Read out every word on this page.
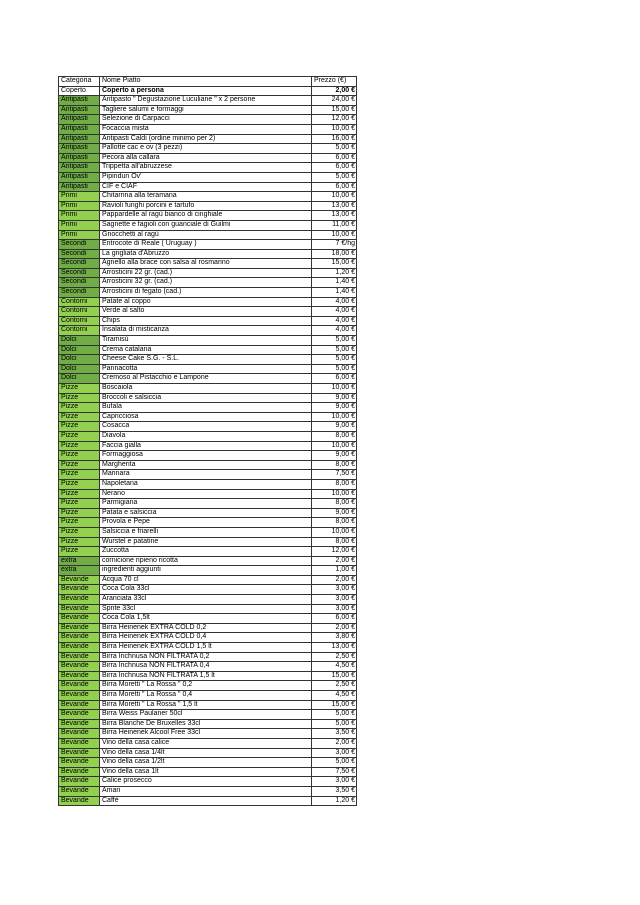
Categoria	Nome Piatto	Prezzo (€)
Coperto	Coperto a persona	2,00 €
Antipasti	Antipasto " Degustazione Luculiane " x 2 persone	24,00 €
Antipasti	Tagliere salumi e formaggi	15,00 €
Antipasti	Selezione di Carpacci	12,00 €
Antipasti	Focaccia mista	10,00 €
Antipasti	Antipasti Caldi (ordine minimo per 2)	16,00 €
Antipasti	Pallotte cac e ov (3 pezzi)	5,00 €
Antipasti	Pecora alla callara	6,00 €
Antipasti	Trippetta all'abruzzese	6,00 €
Antipasti	Pipindun Ov'	5,00 €
Antipasti	CIF e CIAF	6,00 €
Primi	Chitarrina alla teramana	10,00 €
Primi	Ravioli funghi porcini e tartufo	13,00 €
Primi	Pappardelle al ragù bianco di cinghiale	13,00 €
Primi	Sagnette e fagioli con guanciale di Guilmi	11,00 €
Primi	Gnocchetti al ragù	10,00 €
Secondi	Entrocote di Reale ( Uruguay )	7 €/hg
Secondi	La grigliata d'Abruzzo	18,00 €
Secondi	Agnello alla brace con salsa al rosmarino	15,00 €
Secondi	Arrosticini 22 gr. (cad.)	1,20 €
Secondi	Arrosticini 32 gr. (cad.)	1,40 €
Secondi	Arrosticini di fegato (cad.)	1,40 €
Contorni	Patate al coppo	4,00 €
Contorni	Verde al salto	4,00 €
Contorni	Chips	4,00 €
Contorni	Insalata di misticanza	4,00 €
Dolci	Tiramisù	5,00 €
Dolci	Crema catalana	5,00 €
Dolci	Cheese Cake S.G. - S.L.	5,00 €
Dolci	Pannacotta	5,00 €
Dolci	Cremoso al Pistacchio e Lampone	6,00 €
Pizze	Boscaiola	10,00 €
Pizze	Broccoli e salsiccia	9,00 €
Pizze	Bufala	9,00 €
Pizze	Capricciosa	10,00 €
Pizze	Cosacca	9,00 €
Pizze	Diavola	8,00 €
Pizze	Faccia gialla	10,00 €
Pizze	Formaggiosa	9,00 €
Pizze	Margherita	8,00 €
Pizze	Marinara	7,50 €
Pizze	Napoletana	8,00 €
Pizze	Nerano	10,00 €
Pizze	Parmigiana	8,00 €
Pizze	Patata e salsiccia	9,00 €
Pizze	Provola e Pepe	8,00 €
Pizze	Salsiccia e friarelli	10,00 €
Pizze	Wurstel e patatine	8,00 €
Pizze	Zuccotta	12,00 €
extra	cornicione ripieno ricotta	2,00 €
extra	ingredienti aggiunti	1,00 €
Bevande	Acqua 70 cl	2,00 €
Bevande	Coca Cola 33cl	3,00 €
Bevande	Aranciata 33cl	3,00 €
Bevande	Sprite 33cl	3,00 €
Bevande	Coca Cola 1,5lt	6,00 €
Bevande	Birra Heinenek EXTRA COLD 0,2	2,00 €
Bevande	Birra Heinenek EXTRA COLD 0,4	3,80 €
Bevande	Birra Heinenek EXTRA COLD 1,5 lt	13,00 €
Bevande	Birra Inchnusa NON FILTRATA 0,2	2,50 €
Bevande	Birra Inchnusa NON FILTRATA 0,4	4,50 €
Bevande	Birra Inchnusa NON FILTRATA 1,5 lt	15,00 €
Bevande	Birra Moretti " La Rossa " 0,2	2,50 €
Bevande	Birra Moretti " La Rossa " 0,4	4,50 €
Bevande	Birra Moretti " La Rossa " 1,5 lt	15,00 €
Bevande	Birra Weiss Paulaner 50cl	5,00 €
Bevande	Birra Blanche De Bruxelles 33cl	5,00 €
Bevande	Birra Heinenek Alcool Free 33cl	3,50 €
Bevande	Vino della casa calice	2,00 €
Bevande	Vino della casa 1/4lt	3,00 €
Bevande	Vino della casa 1/2lt	5,00 €
Bevande	Vino della casa 1lt	7,50 €
Bevande	Calice prosecco	3,00 €
Bevande	Amari	3,50 €
Bevande	Caffè	1,20 €
